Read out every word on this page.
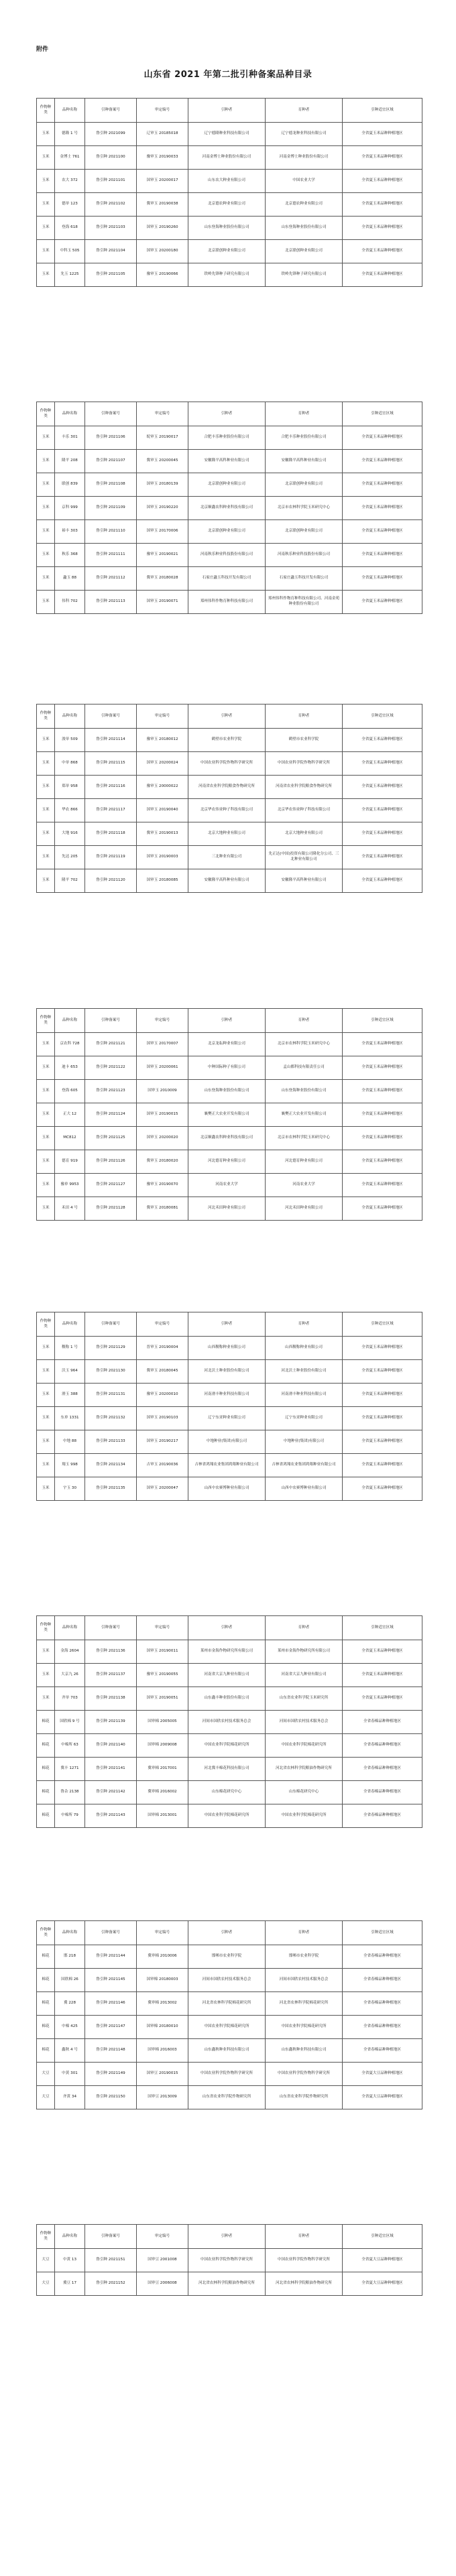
附件
山东省 2021 年第二批引种备案品种目录
作物种类	品种名称	引种备案号	审定编号	引种者	育种者	引种适宜区域
玉米	德隆 1 号	鲁引种 2021099	辽审玉 20185018	辽宁德隆种业科技有限公司	辽宁德龙种业科技有限公司	全省夏玉米品种种植地区
玉米	金博士 761	鲁引种 2021100	豫审玉 20190033	河南金博士种业股份有限公司	河南金博士种业股份有限公司	全省夏玉米品种种植地区
玉米	农大 372	鲁引种 2021101	国审玉 20200017	山东农大种业有限公司	中国农业大学	全省夏玉米品种种植地区
玉米	德单 123	鲁引种 2021102	冀审玉 20190038	北京德农种业有限公司	北京德农种业有限公司	全省夏玉米品种种植地区
玉米	登海 618	鲁引种 2021103	国审玉 20190260	山东登海种业股份有限公司	山东登海种业股份有限公司	全省夏玉米品种种植地区
玉米	中科玉 505	鲁引种 2021104	国审玉 20200180	北京联创种业有限公司	北京联创种业有限公司	全省夏玉米品种种植地区
玉米	先玉 1225	鲁引种 2021105	豫审玉 20190066	铁岭先锋种子研究有限公司	铁岭先锋种子研究有限公司	全省夏玉米品种种植地区
作物种类	品种名称	引种备案号	审定编号	引种者	育种者	引种适宜区域
玉米	丰乐 301	鲁引种 2021106	皖审玉 20190017	合肥丰乐种业股份有限公司	合肥丰乐种业股份有限公司	全省夏玉米品种种植地区
玉米	隆平 208	鲁引种 2021107	冀审玉 20200045	安徽隆平高科种业有限公司	安徽隆平高科种业有限公司	全省夏玉米品种种植地区
玉米	联创 839	鲁引种 2021108	国审玉 20180139	北京联创种业有限公司	北京联创种业有限公司	全省夏玉米品种种植地区
玉米	京科 999	鲁引种 2021109	国审玉 20190220	北京顺鑫农科种业科技有限公司	北京市农林科学院玉米研究中心	全省夏玉米品种种植地区
玉米	裕丰 303	鲁引种 2021110	国审玉 20170006	北京联创种业有限公司	北京联创种业有限公司	全省夏玉米品种种植地区
玉米	秋乐 368	鲁引种 2021111	豫审玉 20190021	河南秋乐种业科技股份有限公司	河南秋乐种业科技股份有限公司	全省夏玉米品种种植地区
玉米	蠡玉 88	鲁引种 2021112	冀审玉 20180028	石家庄蠡玉科技开发有限公司	石家庄蠡玉科技开发有限公司	全省夏玉米品种种植地区
玉米	伟科 702	鲁引种 2021113	国审玉 20190071	郑州伟科作物育种科技有限公司	郑州伟科作物育种科技有限公司、河南金苑种业股份有限公司	全省夏玉米品种种植地区
作物种类	品种名称	引种备案号	审定编号	引种者	育种者	引种适宜区域
玉米	浚单 509	鲁引种 2021114	豫审玉 20180012	鹤壁市农业科学院	鹤壁市农业科学院	全省夏玉米品种种植地区
玉米	中单 868	鲁引种 2021115	国审玉 20200024	中国农业科学院作物科学研究所	中国农业科学院作物科学研究所	全省夏玉米品种种植地区
玉米	郑单 958	鲁引种 2021116	豫审玉 20000022	河南省农业科学院粮食作物研究所	河南省农业科学院粮食作物研究所	全省夏玉米品种种植地区
玉米	华农 866	鲁引种 2021117	国审玉 20190040	北京华农伟业种子科技有限公司	北京华农伟业种子科技有限公司	全省夏玉米品种种植地区
玉米	大地 916	鲁引种 2021118	冀审玉 20190013	北京大地种业有限公司	北京大地种业有限公司	全省夏玉米品种种植地区
玉米	先达 205	鲁引种 2021119	国审玉 20190003	三北种业有限公司	先正达(中国)投资有限公司隆化分公司、三北种业有限公司	全省夏玉米品种种植地区
玉米	隆平 702	鲁引种 2021120	国审玉 20180085	安徽隆平高科种业有限公司	安徽隆平高科种业有限公司	全省夏玉米品种种植地区
作物种类	品种名称	引种备案号	审定编号	引种者	育种者	引种适宜区域
玉米	京农科 728	鲁引种 2021121	国审玉 20170007	北京龙耘种业有限公司	北京市农林科学院玉米研究中心	全省夏玉米品种种植地区
玉米	迪卡 653	鲁引种 2021122	国审玉 20200061	中种国际种子有限公司	孟山都科技有限责任公司	全省夏玉米品种种植地区
玉米	登海 605	鲁引种 2021123	国审玉 2010009	山东登海种业股份有限公司	山东登海种业股份有限公司	全省夏玉米品种种植地区
玉米	正大 12	鲁引种 2021124	国审玉 20190015	襄樊正大农业开发有限公司	襄樊正大农业开发有限公司	全省夏玉米品种种植地区
玉米	MC812	鲁引种 2021125	国审玉 20200020	北京顺鑫农科种业科技有限公司	北京市农林科学院玉米研究中心	全省夏玉米品种种植地区
玉米	德育 919	鲁引种 2021126	冀审玉 20180020	河北德育种业有限公司	河北德育种业有限公司	全省夏玉米品种种植地区
玉米	豫单 9953	鲁引种 2021127	豫审玉 20190070	河南农业大学	河南农业大学	全省夏玉米品种种植地区
玉米	禾田 4 号	鲁引种 2021128	冀审玉 20180081	河北禾田种业有限公司	河北禾田种业有限公司	全省夏玉米品种种植地区
作物种类	品种名称	引种备案号	审定编号	引种者	育种者	引种适宜区域
玉米	稷称 1 号	鲁引种 2021129	晋审玉 20190004	山西稷称种业有限公司	山西稷称种业有限公司	全省夏玉米品种种植地区
玉米	沃玉 964	鲁引种 2021130	冀审玉 20180045	河北沃土种业股份有限公司	河北沃土种业股份有限公司	全省夏玉米品种种植地区
玉米	滑玉 388	鲁引种 2021131	豫审玉 20200010	河南滑丰种业科技有限公司	河南滑丰种业科技有限公司	全省夏玉米品种种植地区
玉米	东单 1331	鲁引种 2021132	国审玉 20190103	辽宁东亚种业有限公司	辽宁东亚种业有限公司	全省夏玉米品种种植地区
玉米	中地 88	鲁引种 2021133	国审玉 20190217	中地种业(集团)有限公司	中地种业(集团)有限公司	全省夏玉米品种种植地区
玉米	翔玉 998	鲁引种 2021134	吉审玉 20190036	吉林省鸿翔农业集团鸿翔种业有限公司	吉林省鸿翔农业集团鸿翔种业有限公司	全省夏玉米品种种植地区
玉米	宇玉 30	鲁引种 2021135	国审玉 20200047	山西中农赛博种业有限公司	山西中农赛博种业有限公司	全省夏玉米品种种植地区
作物种类	品种名称	引种备案号	审定编号	引种者	育种者	引种适宜区域
玉米	金海 2604	鲁引种 2021136	国审玉 20190011	莱州市金海作物研究所有限公司	莱州市金海作物研究所有限公司	全省夏玉米品种种植地区
玉米	大京九 26	鲁引种 2021137	豫审玉 20190055	河南省大京九种业有限公司	河南省大京九种业有限公司	全省夏玉米品种种植地区
玉米	齐单 703	鲁引种 2021138	国审玉 20190051	山东鑫丰种业股份有限公司	山东省农业科学院玉米研究所	全省夏玉米品种种植地区
棉花	国欣棉 9 号	鲁引种 2021139	国审棉 2005005	河间市国欣农村技术服务总会	河间市国欣农村技术服务总会	全省春棉品种种植地区
棉花	中棉所 63	鲁引种 2021140	国审棉 2009008	中国农业科学院棉花研究所	中国农业科学院棉花研究所	全省春棉品种种植地区
棉花	冀丰 1271	鲁引种 2021141	冀审棉 2017001	河北冀丰棉花科技有限公司	河北省农林科学院粮油作物研究所	全省春棉品种种植地区
棉花	鲁杂 2138	鲁引种 2021142	冀审棉 2016002	山东棉花研究中心	山东棉花研究中心	全省春棉品种种植地区
棉花	中棉所 79	鲁引种 2021143	国审棉 2013001	中国农业科学院棉花研究所	中国农业科学院棉花研究所	全省春棉品种种植地区
作物种类	品种名称	引种备案号	审定编号	引种者	育种者	引种适宜区域
棉花	邯 218	鲁引种 2021144	冀审棉 2010006	邯郸市农业科学院	邯郸市农业科学院	全省春棉品种种植地区
棉花	国欣棉 26	鲁引种 2021145	国审棉 20180003	河间市国欣农村技术服务总会	河间市国欣农村技术服务总会	全省春棉品种种植地区
棉花	冀 228	鲁引种 2021146	冀审棉 2013002	河北省农林科学院棉花研究所	河北省农林科学院棉花研究所	全省春棉品种种植地区
棉花	中棉 425	鲁引种 2021147	国审棉 20180010	中国农业科学院棉花研究所	中国农业科学院棉花研究所	全省春棉品种种植地区
棉花	鑫秋 4 号	鲁引种 2021148	国审棉 2016003	山东鑫秋种业科技有限公司	山东鑫秋种业科技有限公司	全省春棉品种种植地区
大豆	中黄 301	鲁引种 2021149	国审豆 20190015	中国农业科学院作物科学研究所	中国农业科学院作物科学研究所	全省夏大豆品种种植地区
大豆	齐黄 34	鲁引种 2021150	国审豆 2013009	山东省农业科学院作物研究所	山东省农业科学院作物研究所	全省夏大豆品种种植地区
作物种类	品种名称	引种备案号	审定编号	引种者	育种者	引种适宜区域
大豆	中黄 13	鲁引种 2021151	国审豆 2001008	中国农业科学院作物科学研究所	中国农业科学院作物科学研究所	全省夏大豆品种种植地区
大豆	冀豆 17	鲁引种 2021152	国审豆 2006008	河北省农林科学院粮油作物研究所	河北省农林科学院粮油作物研究所	全省夏大豆品种种植地区
